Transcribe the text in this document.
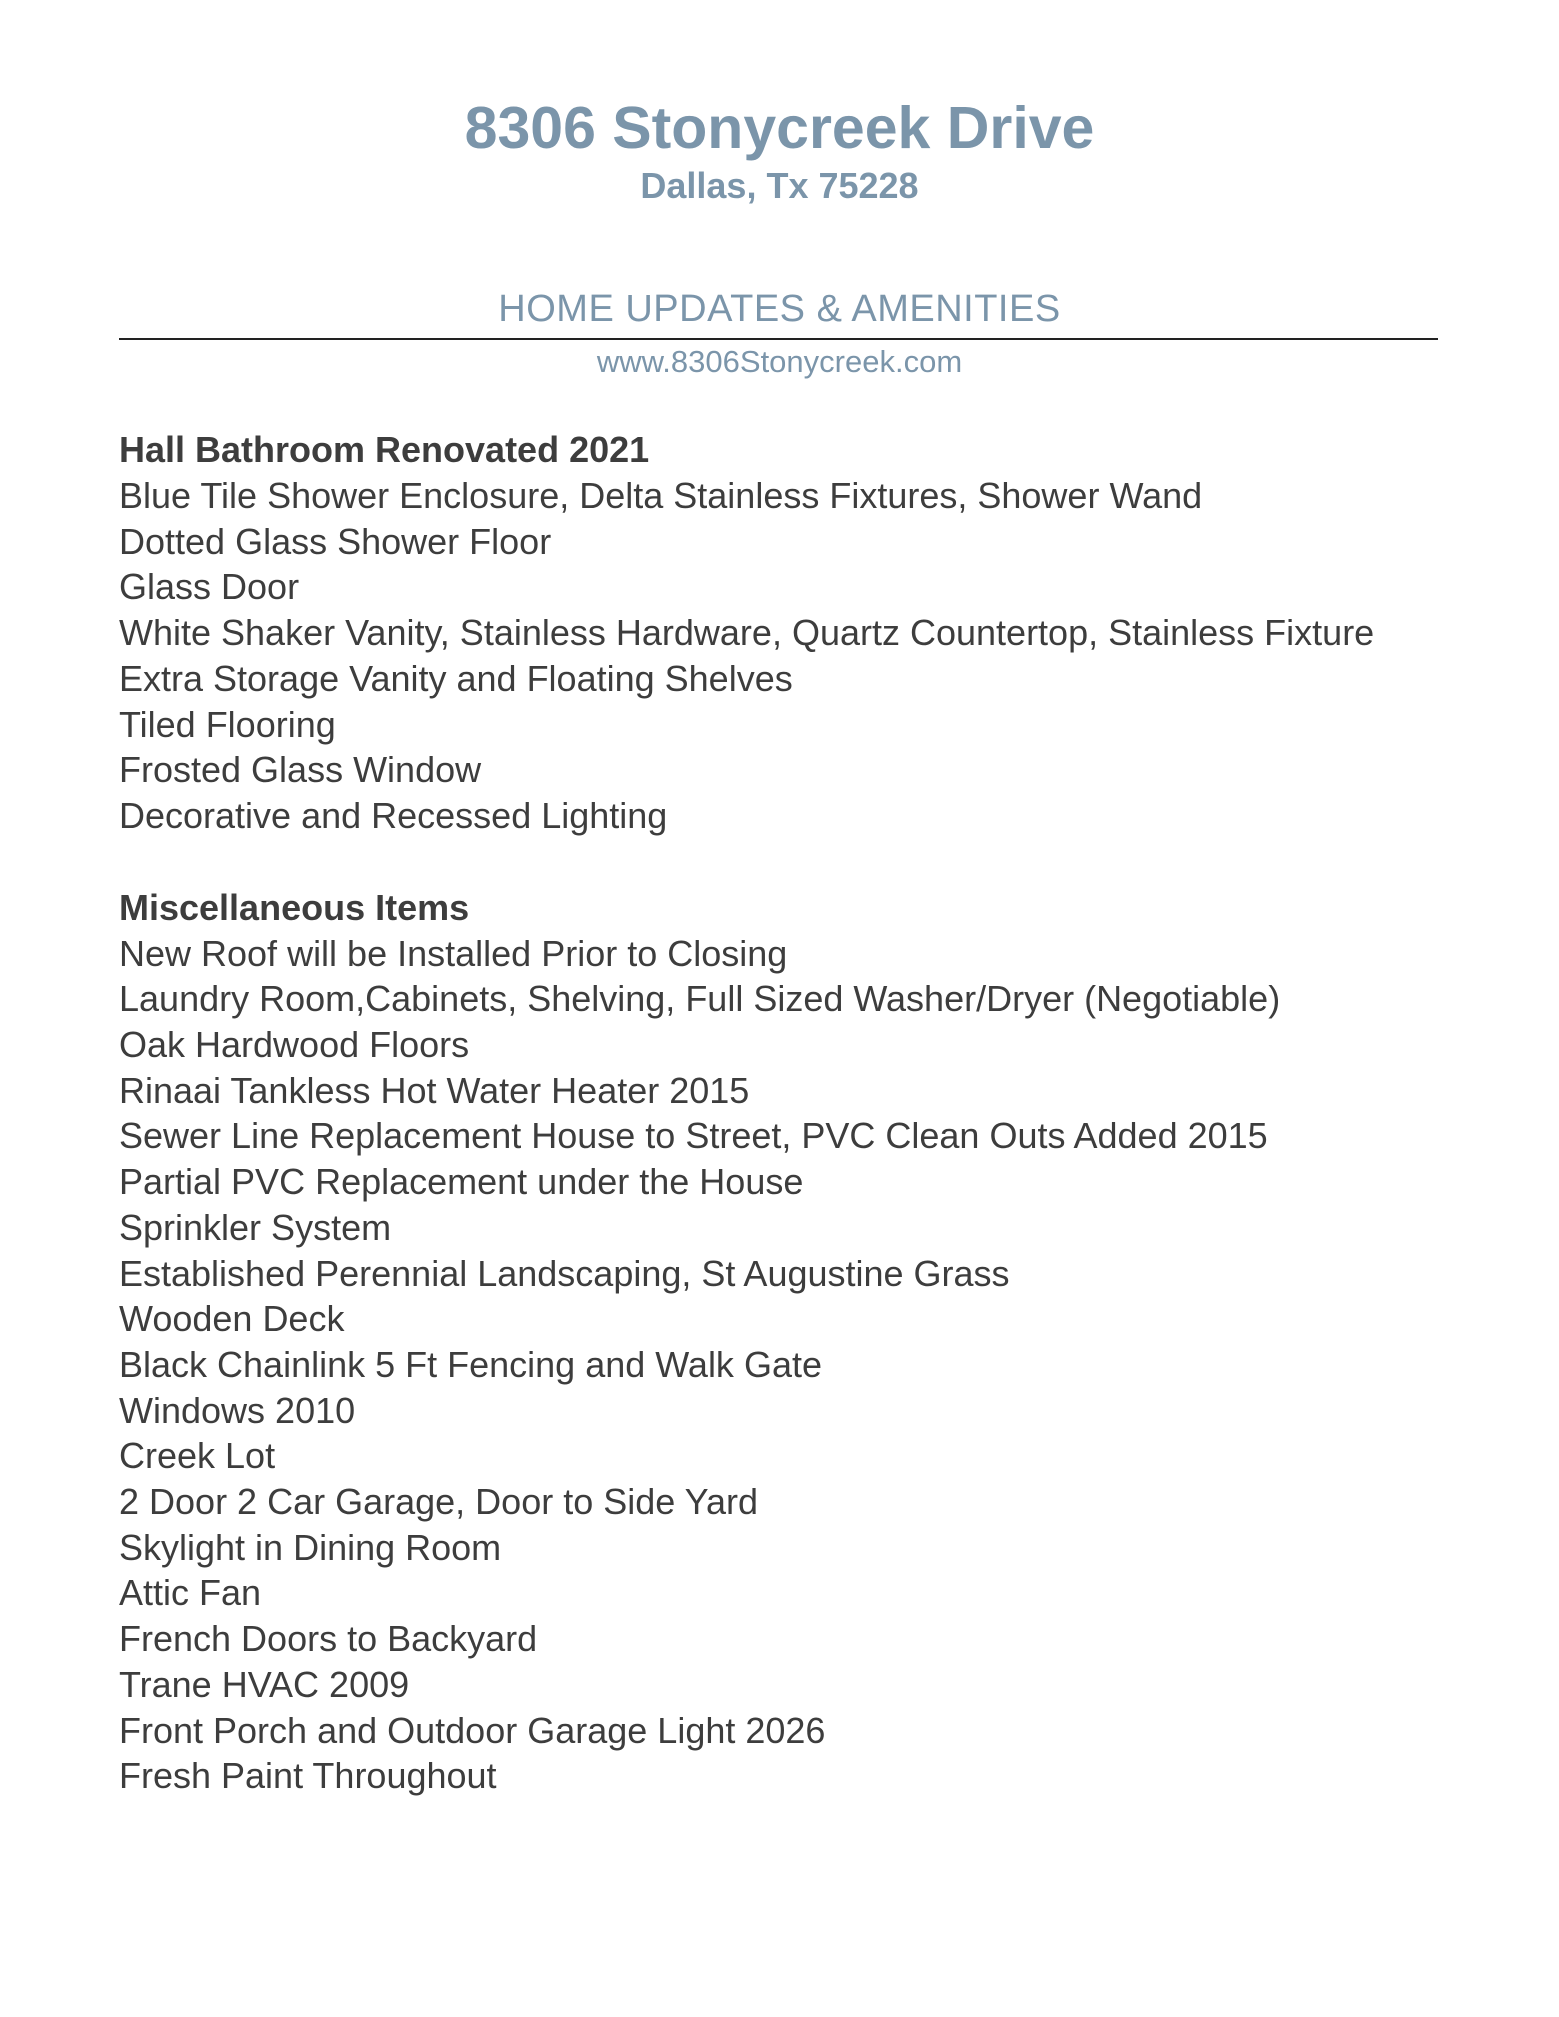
8306 Stonycreek Drive
Dallas, Tx 75228
HOME UPDATES & AMENITIES
www.8306Stonycreek.com
Hall Bathroom Renovated 2021
Blue Tile Shower Enclosure, Delta Stainless Fixtures, Shower Wand
Dotted Glass Shower Floor
Glass Door
White Shaker Vanity, Stainless Hardware, Quartz Countertop, Stainless Fixture
Extra Storage Vanity and Floating Shelves
Tiled Flooring
Frosted Glass Window
Decorative and Recessed Lighting
Miscellaneous Items
New Roof will be Installed Prior to Closing
Laundry Room,Cabinets, Shelving, Full Sized Washer/Dryer (Negotiable)
Oak Hardwood Floors
Rinaai Tankless Hot Water Heater 2015
Sewer Line Replacement House to Street, PVC Clean Outs Added 2015
Partial PVC Replacement under the House
Sprinkler System
Established Perennial Landscaping, St Augustine Grass
Wooden Deck
Black Chainlink 5 Ft Fencing and Walk Gate
Windows 2010
Creek Lot
2 Door 2 Car Garage, Door to Side Yard
Skylight in Dining Room
Attic Fan
French Doors to Backyard
Trane HVAC 2009
Front Porch and Outdoor Garage Light 2026
Fresh Paint Throughout
